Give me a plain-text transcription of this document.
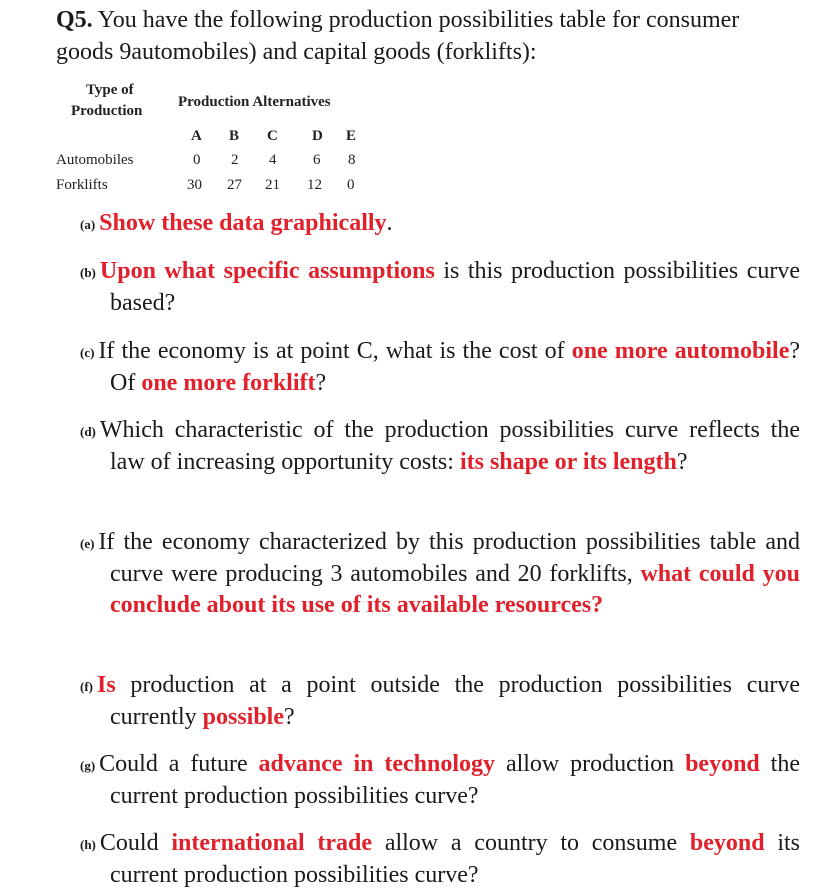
Q5. You have the following production possibilities table for consumer goods 9automobiles) and capital goods (forklifts):
Type of
Production
Production Alternatives
A B C D E
Automobiles	0 2 4 6 8
Forklifts	30 27 21 12 0
(a) Show these data graphically.
(b) Upon what specific assumptions is this production possibilities curve based?
(c) If the economy is at point C, what is the cost of one more automobile? Of one more forklift?
(d) Which characteristic of the production possibilities curve reflects the law of increasing opportunity costs: its shape or its length?
(e) If the economy characterized by this production possibilities table and curve were producing 3 automobiles and 20 forklifts, what could you conclude about its use of its available resources?
(f) Is production at a point outside the production possibilities curve currently possible?
(g) Could a future advance in technology allow production beyond the current production possibilities curve?
(h) Could international trade allow a country to consume beyond its current production possibilities curve?
